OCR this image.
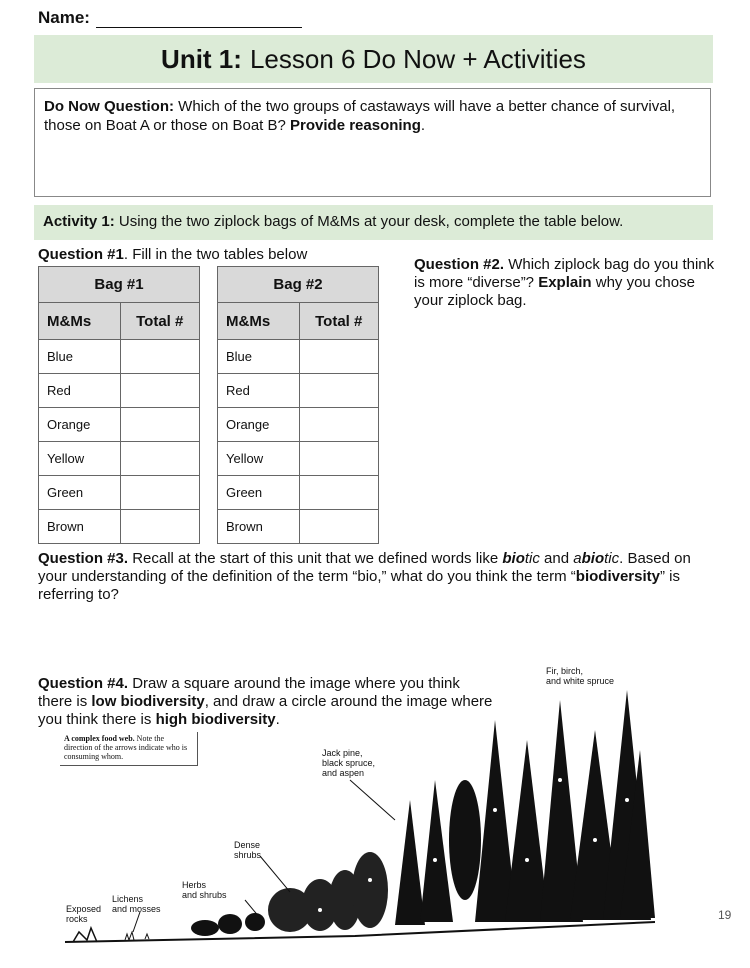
Name:
Unit 1: Lesson 6 Do Now + Activities
Do Now Question: Which of the two groups of castaways will have a better chance of survival, those on Boat A or those on Boat B? Provide reasoning.
Activity 1: Using the two ziplock bags of M&Ms at your desk, complete the table below.
Question #1. Fill in the two tables below
Bag #1	
M&Ms	Total #
Blue	
Red	
Orange	
Yellow	
Green	
Brown	
Bag #2	
M&Ms	Total #
Blue	
Red	
Orange	
Yellow	
Green	
Brown	
Question #2. Which ziplock bag do you think is more “diverse”? Explain why you chose your ziplock bag.
Question #3. Recall at the start of this unit that we defined words like biotic and abiotic. Based on your understanding of the definition of the term “bio,” what do you think the term “biodiversity” is referring to?
Question #4. Draw a square around the image where you think there is low biodiversity, and draw a circle around the image where you think there is high biodiversity.
A complex food web. Note the direction of the arrows indicate who is consuming whom.
Fir, birch,
and white spruce
Jack pine,
black spruce,
and aspen
Dense
shrubs
Herbs
and shrubs
Lichens
and mosses
Exposed
rocks	19
